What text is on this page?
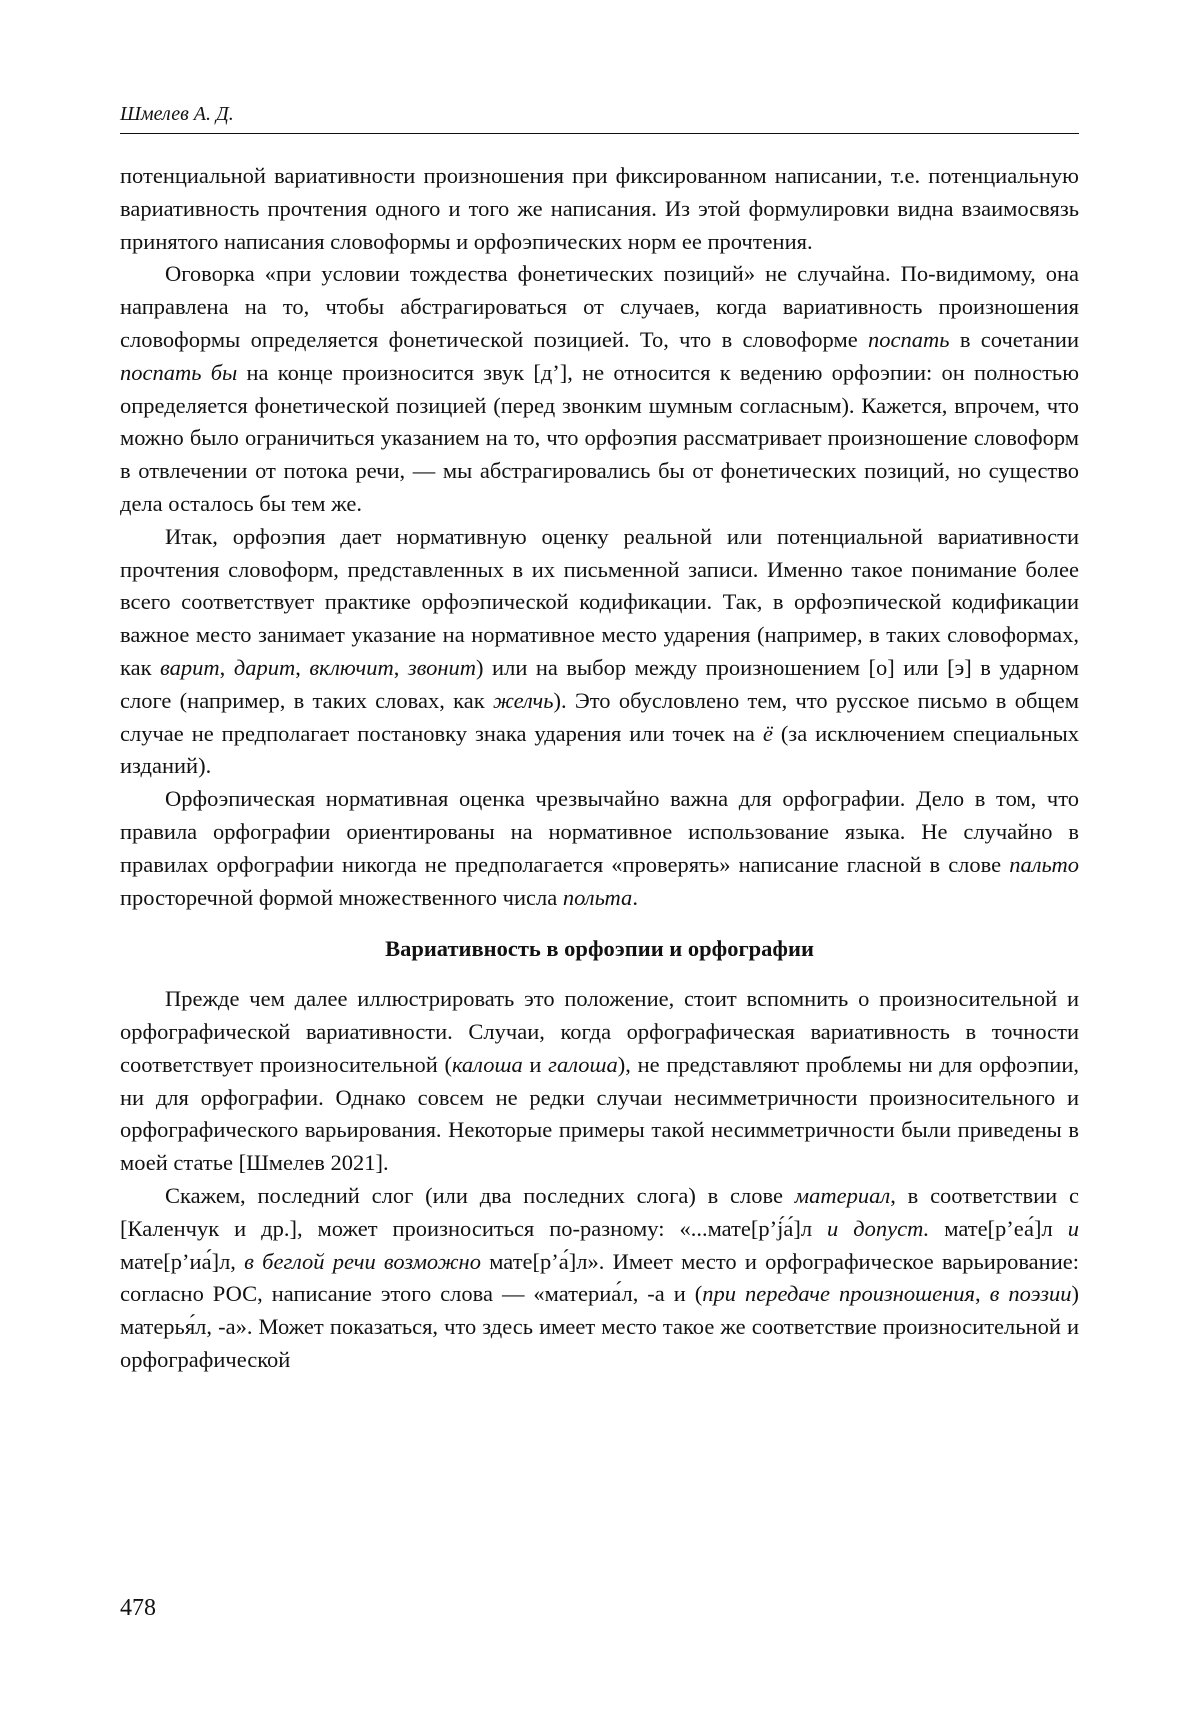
Шмелев А. Д.

потенциальной вариативности произношения при фиксированном написании, т.е. потенциальную вариативность прочтения одного и того же написания. Из этой формулировки видна взаимосвязь принятого написания словоформы и орфоэпических норм ее прочтения.

Оговорка «при условии тождества фонетических позиций» не случайна. По-видимому, она направлена на то, чтобы абстрагироваться от случаев, когда вариативность произношения словоформы определяется фонетической позицией. То, что в словоформе поспать в сочетании поспать бы на конце произносится звук [д’], не относится к ведению орфоэпии: он полностью определяется фонетической позицией (перед звонким шумным согласным). Кажется, впрочем, что можно было ограничиться указанием на то, что орфоэпия рассматривает произношение словоформ в отвлечении от потока речи, — мы абстрагировались бы от фонетических позиций, но существо дела осталось бы тем же.

Итак, орфоэпия дает нормативную оценку реальной или потенциальной вариативности прочтения словоформ, представленных в их письменной записи. Именно такое понимание более всего соответствует практике орфоэпической кодификации. Так, в орфоэпической кодификации важное место занимает указание на нормативное место ударения (например, в таких словоформах, как варит, дарит, включит, звонит) или на выбор между произношением [о] или [э] в ударном слоге (например, в таких словах, как желчь). Это обусловлено тем, что русское письмо в общем случае не предполагает постановку знака ударения или точек на ё (за исключением специальных изданий).

Орфоэпическая нормативная оценка чрезвычайно важна для орфографии. Дело в том, что правила орфографии ориентированы на нормативное использование языка. Не случайно в правилах орфографии никогда не предполагается «проверять» написание гласной в слове пальто просторечной формой множественного числа польта.

Вариативность в орфоэпии и орфографии

Прежде чем далее иллюстрировать это положение, стоит вспомнить о произносительной и орфографической вариативности. Случаи, когда орфографическая вариативность в точности соответствует произносительной (калоша и галоша), не представляют проблемы ни для орфоэпии, ни для орфографии. Однако совсем не редки случаи несимметричности произносительного и орфографического варьирования. Некоторые примеры такой несимметричности были приведены в моей статье [Шмелев 2021].

Скажем, последний слог (или два последних слога) в слове материал, в соответствии с [Каленчук и др.], может произноситься по-разному: «...мате[р’j́а́]л и допуст. мате[р’еа́]л и мате[р’иа́]л, в беглой речи возможно мате[р’а́]л». Имеет место и орфографическое варьирование: согласно РОС, написание этого слова — «материа́л, -а и (при передаче произношения, в поэзии) матерья́л, -а». Может показаться, что здесь имеет место такое же соответствие произносительной и орфографической

478
